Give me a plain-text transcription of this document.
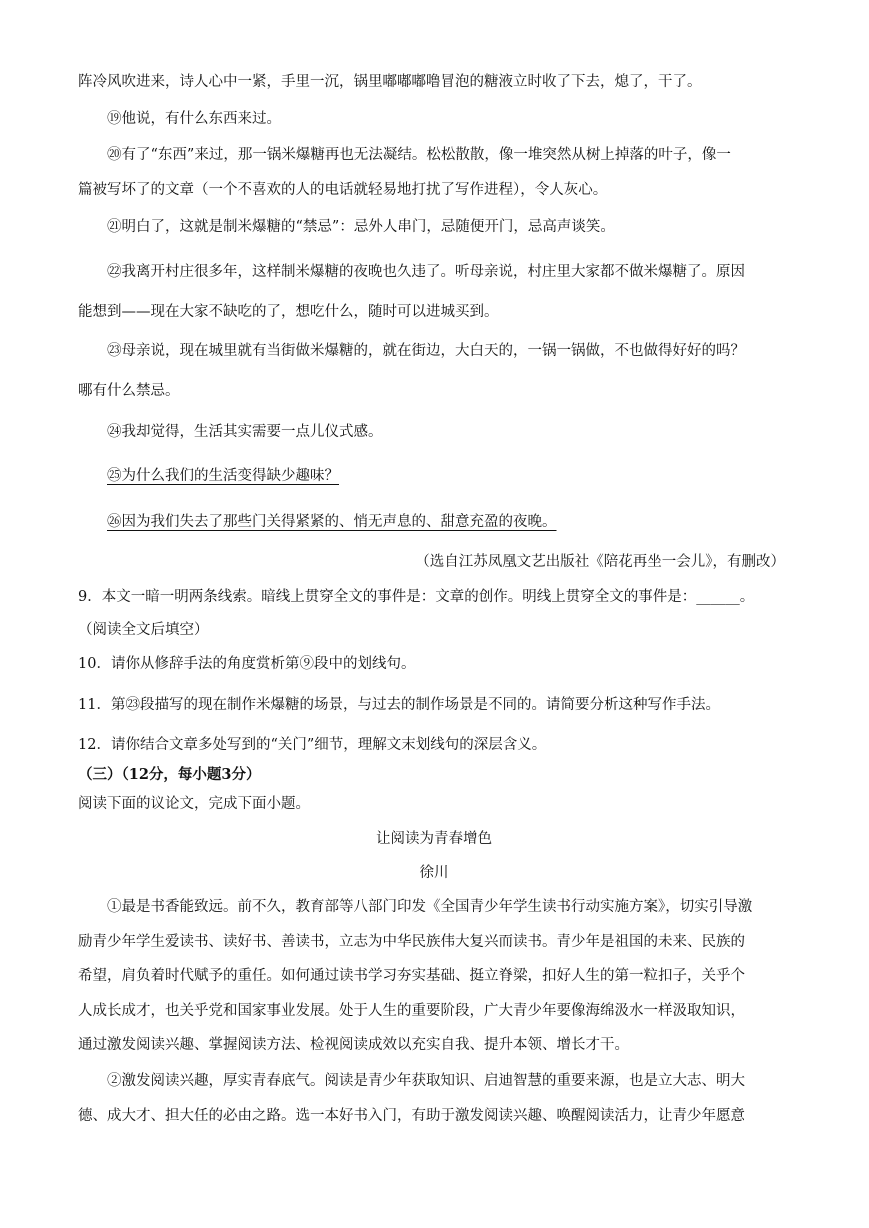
阵冷风吹进来，诗人心中一紧，手里一沉，锅里嘟嘟嘟噜冒泡的糖液立时收了下去，熄了，干了。
⑲他说，有什么东西来过。
⑳有了“东西”来过，那一锅米爆糖再也无法凝结。松松散散，像一堆突然从树上掉落的叶子，像一
篇被写坏了的文章（一个不喜欢的人的电话就轻易地打扰了写作进程），令人灰心。
㉑明白了，这就是制米爆糖的“禁忌”：忌外人串门，忌随便开门，忌高声谈笑。
㉒我离开村庄很多年，这样制米爆糖的夜晚也久违了。听母亲说，村庄里大家都不做米爆糖了。原因
能想到——现在大家不缺吃的了，想吃什么，随时可以进城买到。
㉓母亲说，现在城里就有当街做米爆糖的，就在街边，大白天的，一锅一锅做，不也做得好好的吗？
哪有什么禁忌。
㉔我却觉得，生活其实需要一点儿仪式感。
㉕为什么我们的生活变得缺少趣味？
㉖因为我们失去了那些门关得紧紧的、悄无声息的、甜意充盈的夜晚。
（选自江苏凤凰文艺出版社《陪花再坐一会儿》，有删改）
9．本文一暗一明两条线索。暗线上贯穿全文的事件是：文章的创作。明线上贯穿全文的事件是：______。
（阅读全文后填空）
10．请你从修辞手法的角度赏析第⑨段中的划线句。
11．第㉓段描写的现在制作米爆糖的场景，与过去的制作场景是不同的。请简要分析这种写作手法。
12．请你结合文章多处写到的“关门”细节，理解文末划线句的深层含义。
（三）（12分，每小题3分）
阅读下面的议论文，完成下面小题。
让阅读为青春增色
徐川
①最是书香能致远。前不久，教育部等八部门印发《全国青少年学生读书行动实施方案》，切实引导激
励青少年学生爱读书、读好书、善读书，立志为中华民族伟大复兴而读书。青少年是祖国的未来、民族的
希望，肩负着时代赋予的重任。如何通过读书学习夯实基础、挺立脊梁，扣好人生的第一粒扣子，关乎个
人成长成才，也关乎党和国家事业发展。处于人生的重要阶段，广大青少年要像海绵汲水一样汲取知识，
通过激发阅读兴趣、掌握阅读方法、检视阅读成效以充实自我、提升本领、增长才干。
②激发阅读兴趣，厚实青春底气。阅读是青少年获取知识、启迪智慧的重要来源，也是立大志、明大
德、成大才、担大任的必由之路。选一本好书入门，有助于激发阅读兴趣、唤醒阅读活力，让青少年愿意
